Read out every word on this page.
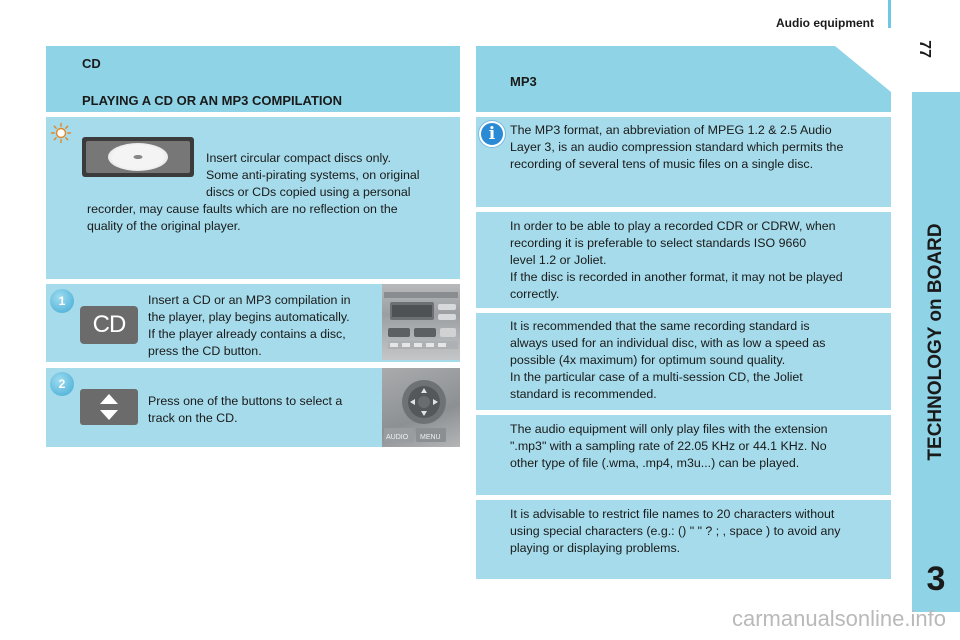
Audio equipment
77
TECHNOLOGY on BOARD
3
CD
PLAYING A CD OR AN MP3 COMPILATION
Insert circular compact discs only.
Some anti-pirating systems, on original
discs or CDs copied using a personal
recorder, may cause faults which are no reflection on the
quality of the original player.
1
CD
Insert a CD or an MP3 compilation in
the player, play begins automatically.
If the player already contains a disc,
press the CD button.
2
Press one of the buttons to select a
track on the CD.
AUDIO MENU
MP3
i	The MP3 format, an abbreviation of MPEG 1.2 & 2.5 Audio
Layer 3, is an audio compression standard which permits the
recording of several tens of music files on a single disc.
In order to be able to play a recorded CDR or CDRW, when
recording it is preferable to select standards ISO 9660
level 1.2 or Joliet.
If the disc is recorded in another format, it may not be played
correctly.
It is recommended that the same recording standard is
always used for an individual disc, with as low a speed as
possible (4x maximum) for optimum sound quality.
In the particular case of a multi-session CD, the Joliet
standard is recommended.
The audio equipment will only play files with the extension
".mp3" with a sampling rate of 22.05 KHz or 44.1 KHz. No
other type of file (.wma, .mp4, m3u...) can be played.
It is advisable to restrict file names to 20 characters without
using special characters (e.g.: () " " ? ; , space ) to avoid any
playing or displaying problems.
carmanualsonline.info
